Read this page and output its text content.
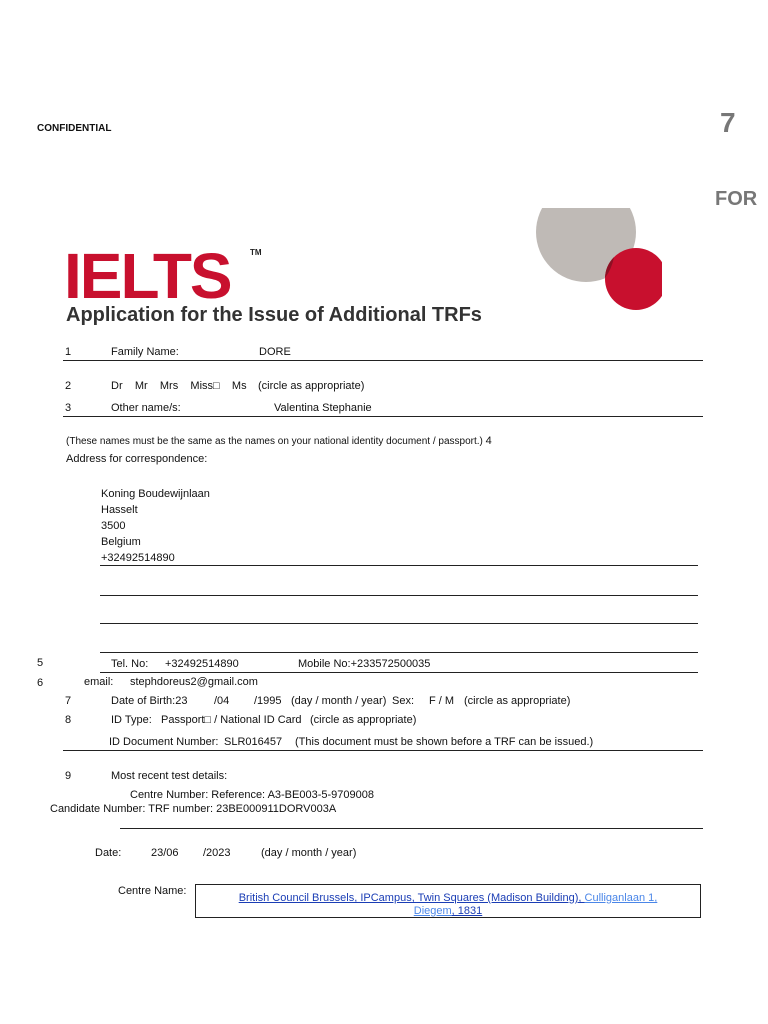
CONFIDENTIAL	7
FOR
IELTS TM
Application for the Issue of Additional TRFs
1	Family Name:	DORE
2	Dr    Mr    Mrs    Miss□    Ms (circle as appropriate)
3	Other name/s:	Valentina Stephanie
(These names must be the same as the names on your national identity document / passport.) 4
Address for correspondence:
Koning Boudewijnlaan
Hasselt
3500
Belgium
+32492514890
5	Tel. No: +32492514890	Mobile No:+233572500035
6	email: stephdoreus2@gmail.com
7	Date of Birth:23 /04 /1995 (day / month / year) Sex: F / M (circle as appropriate)
8	ID Type: Passport□ / National ID Card (circle as appropriate)
ID Document Number: SLR016457 (This document must be shown before a TRF can be issued.)
9	Most recent test details:
Centre Number: Reference: A3-BE003-5-9709008
Candidate Number: TRF number: 23BE000911DORV003A
Date:	23/06 /2023	(day / month / year)
Centre Name:
British Council Brussels, IPCampus, Twin Squares (Madison Building), Culliganlaan 1,
Diegem, 1831
